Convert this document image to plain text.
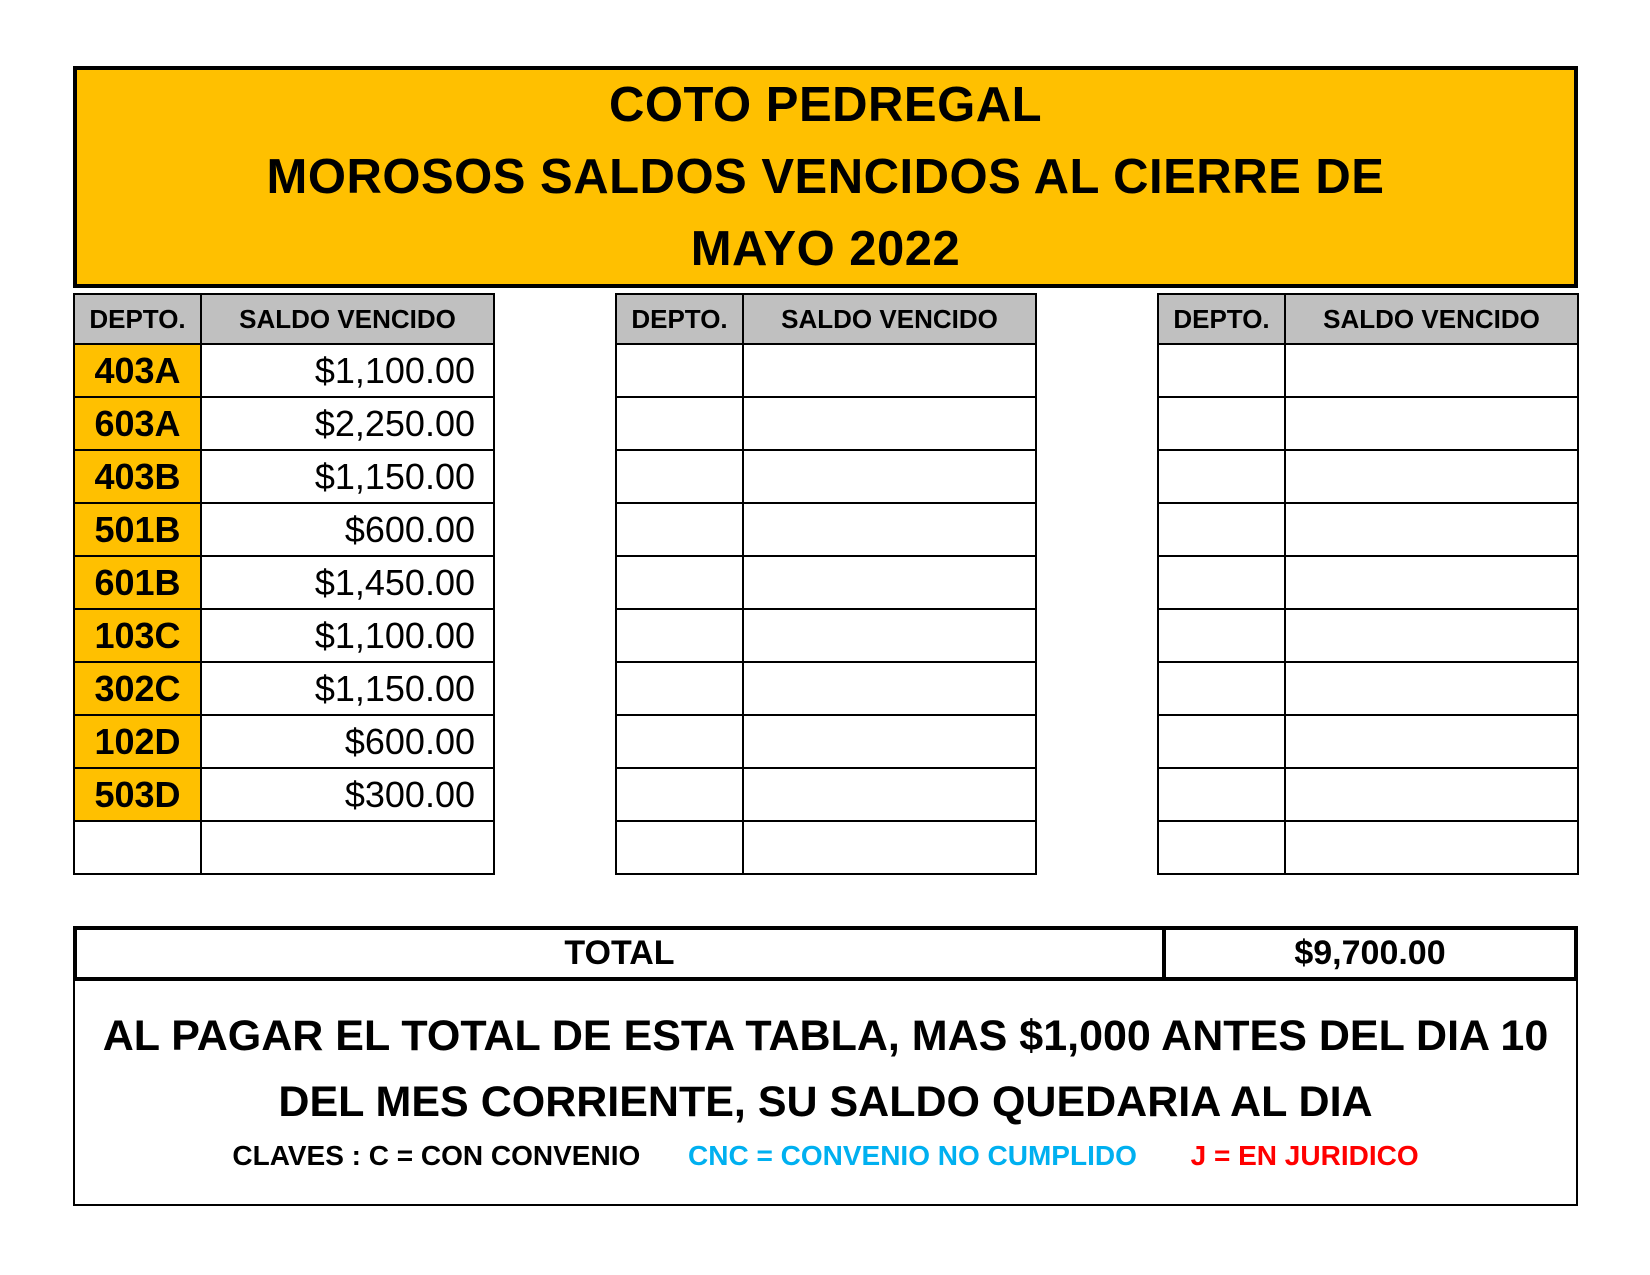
COTO PEDREGAL
MOROSOS SALDOS VENCIDOS AL CIERRE DE
MAYO 2022
DEPTO.	SALDO VENCIDO
403A	$1,100.00
603A	$2,250.00
403B	$1,150.00
501B	$600.00
601B	$1,450.00
103C	$1,100.00
302C	$1,150.00
102D	$600.00
503D	$300.00

DEPTO.	SALDO VENCIDO

		DEPTO.	SALDO VENCIDO

TOTAL	$9,700.00
AL PAGAR EL TOTAL DE ESTA TABLA, MAS $1,000 ANTES DEL DIA 10
DEL MES CORRIENTE, SU SALDO QUEDARIA AL DIA
CLAVES : C = CON CONVENIO CNC = CONVENIO NO CUMPLIDO J = EN JURIDICO
